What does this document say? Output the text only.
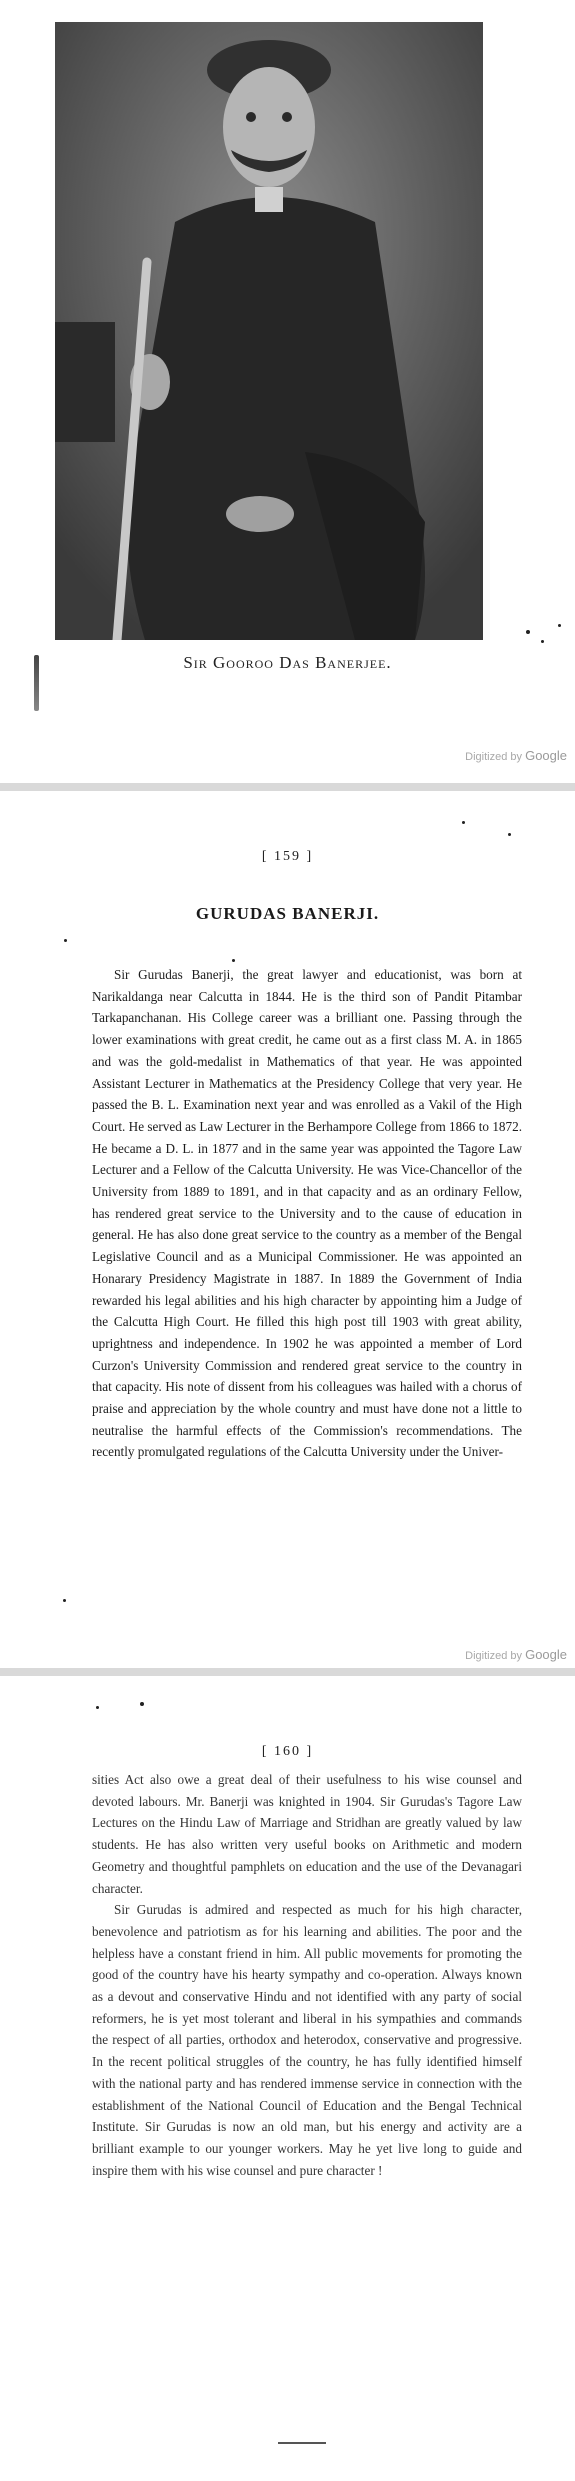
Sir Gooroo Das Banerjee.
Digitized by Google
[ 159 ]
GURUDAS BANERJI.

Sir Gurudas Banerji, the great lawyer and educationist, was born at Narikaldanga near Calcutta in 1844. He is the third son of Pandit Pitambar Tarkapanchanan. His College career was a brilliant one. Passing through the lower examinations with great credit, he came out as a first class M. A. in 1865 and was the gold-medalist in Mathematics of that year. He was appointed Assistant Lecturer in Mathematics at the Presidency College that very year. He passed the B. L. Examination next year and was enrolled as a Vakil of the High Court. He served as Law Lecturer in the Berhampore College from 1866 to 1872. He became a D. L. in 1877 and in the same year was appointed the Tagore Law Lecturer and a Fellow of the Calcutta University. He was Vice-Chancellor of the University from 1889 to 1891, and in that capacity and as an ordinary Fellow, has rendered great service to the University and to the cause of education in general. He has also done great service to the country as a member of the Bengal Legislative Council and as a Municipal Commissioner. He was appointed an Honarary Presidency Magistrate in 1887. In 1889 the Government of India rewarded his legal abilities and his high character by appointing him a Judge of the Calcutta High Court. He filled this high post till 1903 with great ability, uprightness and independence. In 1902 he was appointed a member of Lord Curzon's University Commission and rendered great service to the country in that capacity. His note of dissent from his colleagues was hailed with a chorus of praise and appreciation by the whole country and must have done not a little to neutralise the harmful effects of the Commission's recommendations. The recently promulgated regulations of the Calcutta University under the Univer-

Digitized by Google
[ 160 ]

sities Act also owe a great deal of their usefulness to his wise counsel and devoted labours. Mr. Banerji was knighted in 1904. Sir Gurudas's Tagore Law Lectures on the Hindu Law of Marriage and Stridhan are greatly valued by law students. He has also written very useful books on Arithmetic and modern Geometry and thoughtful pamphlets on education and the use of the Devanagari character.

Sir Gurudas is admired and respected as much for his high character, benevolence and patriotism as for his learning and abilities. The poor and the helpless have a constant friend in him. All public movements for promoting the good of the country have his hearty sympathy and co-operation. Always known as a devout and conservative Hindu and not identified with any party of social reformers, he is yet most tolerant and liberal in his sympathies and commands the respect of all parties, orthodox and heterodox, conservative and progressive. In the recent political struggles of the country, he has fully identified himself with the national party and has rendered immense service in connection with the establishment of the National Council of Education and the Bengal Technical Institute. Sir Gurudas is now an old man, but his energy and activity are a brilliant example to our younger workers. May he yet live long to guide and inspire them with his wise counsel and pure character !
